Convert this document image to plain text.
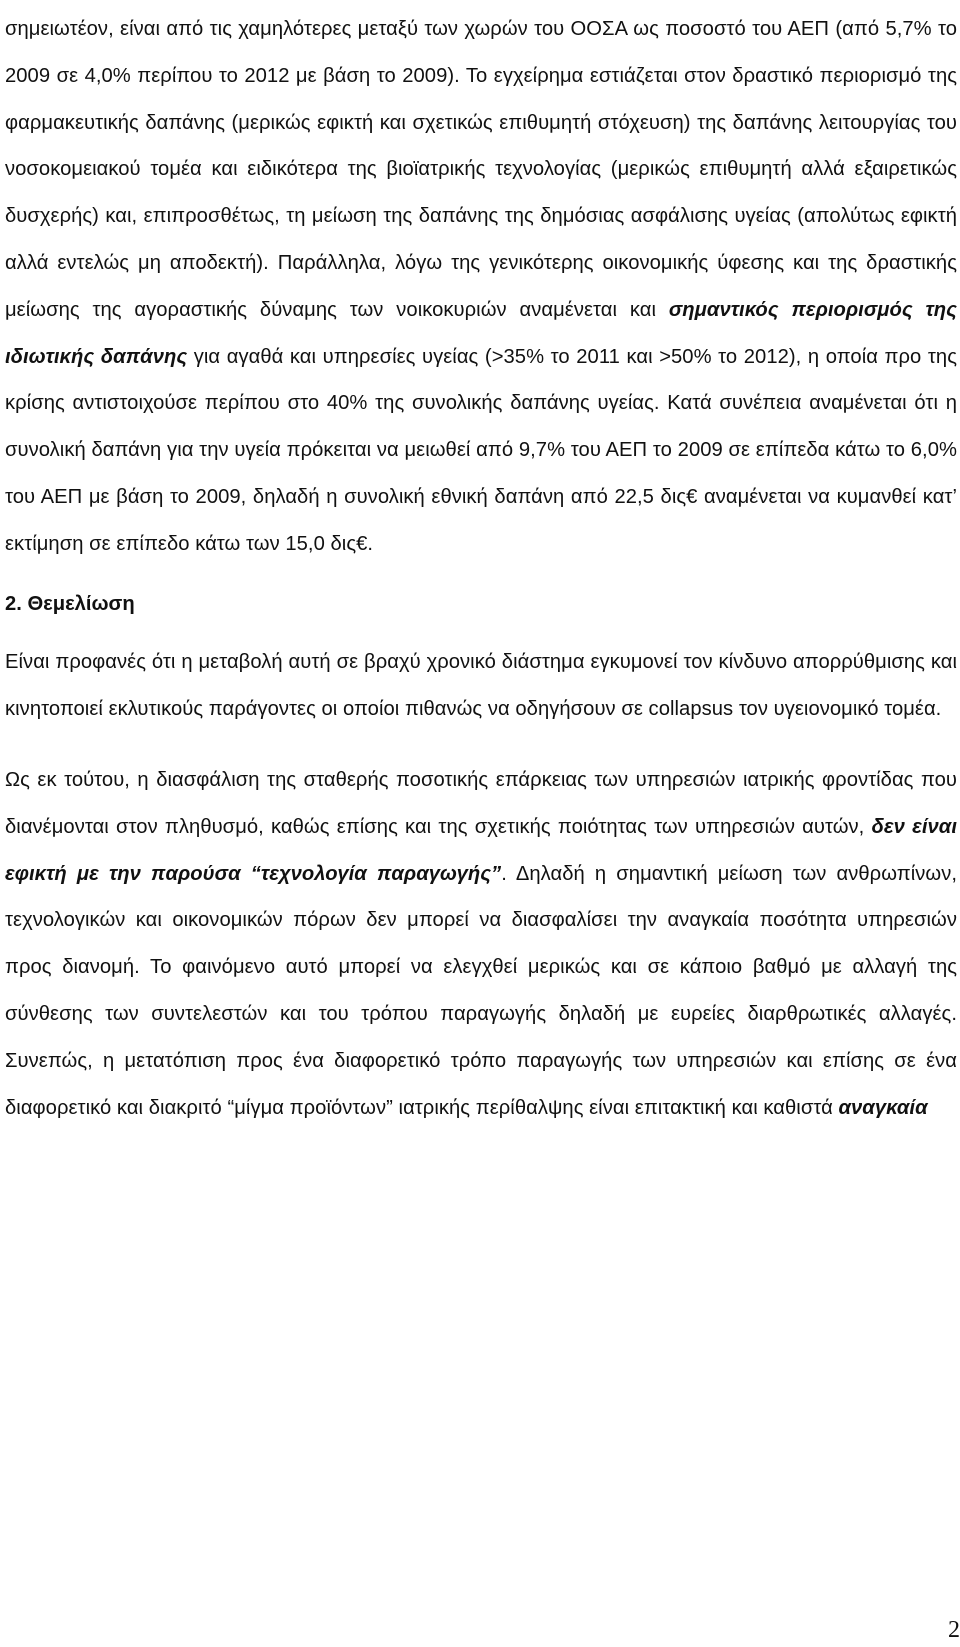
σημειωτέον, είναι από τις χαμηλότερες μεταξύ των χωρών του ΟΟΣΑ ως ποσοστό του ΑΕΠ (από 5,7% το 2009 σε 4,0% περίπου το 2012 με βάση το 2009). Το εγχείρημα εστιάζεται στον δραστικό περιορισμό της φαρμακευτικής δαπάνης (μερικώς εφικτή και σχετικώς επιθυμητή στόχευση) της δαπάνης λειτουργίας του νοσοκομειακού τομέα και ειδικότερα της βιοϊατρικής τεχνολογίας (μερικώς επιθυμητή αλλά εξαιρετικώς δυσχερής) και, επιπροσθέτως, τη μείωση της δαπάνης της δημόσιας ασφάλισης υγείας (απολύτως εφικτή αλλά εντελώς μη αποδεκτή). Παράλληλα, λόγω της γενικότερης οικονομικής ύφεσης και της δραστικής μείωσης της αγοραστικής δύναμης των νοικοκυριών αναμένεται και σημαντικός περιορισμός της ιδιωτικής δαπάνης για αγαθά και υπηρεσίες υγείας (>35% το 2011 και >50% το 2012), η οποία προ της κρίσης αντιστοιχούσε περίπου στο 40% της συνολικής δαπάνης υγείας. Κατά συνέπεια αναμένεται ότι η συνολική δαπάνη για την υγεία πρόκειται να μειωθεί από 9,7% του ΑΕΠ το 2009 σε επίπεδα κάτω το 6,0% του ΑΕΠ με βάση το 2009, δηλαδή η συνολική εθνική δαπάνη από 22,5 δις€ αναμένεται να κυμανθεί κατ’ εκτίμηση σε επίπεδο κάτω των 15,0 δις€.

2. Θεμελίωση

Είναι προφανές ότι η μεταβολή αυτή σε βραχύ χρονικό διάστημα εγκυμονεί τον κίνδυνο απορρύθμισης και κινητοποιεί εκλυτικούς παράγοντες οι οποίοι πιθανώς να οδηγήσουν σε collapsus τον υγειονομικό τομέα.

Ως εκ τούτου, η διασφάλιση της σταθερής ποσοτικής επάρκειας των υπηρεσιών ιατρικής φροντίδας που διανέμονται στον πληθυσμό, καθώς επίσης και της σχετικής ποιότητας των υπηρεσιών αυτών, δεν είναι εφικτή με την παρούσα “τεχνολογία παραγωγής”. Δηλαδή η σημαντική μείωση των ανθρωπίνων, τεχνολογικών και οικονομικών πόρων δεν μπορεί να διασφαλίσει την αναγκαία ποσότητα υπηρεσιών προς διανομή. Το φαινόμενο αυτό μπορεί να ελεγχθεί μερικώς και σε κάποιο βαθμό με αλλαγή της σύνθεσης των συντελεστών και του τρόπου παραγωγής δηλαδή με ευρείες διαρθρωτικές αλλαγές. Συνεπώς, η μετατόπιση προς ένα διαφορετικό τρόπο παραγωγής των υπηρεσιών και επίσης σε ένα διαφορετικό και διακριτό “μίγμα προϊόντων” ιατρικής περίθαλψης είναι επιτακτική και καθιστά αναγκαία

2
